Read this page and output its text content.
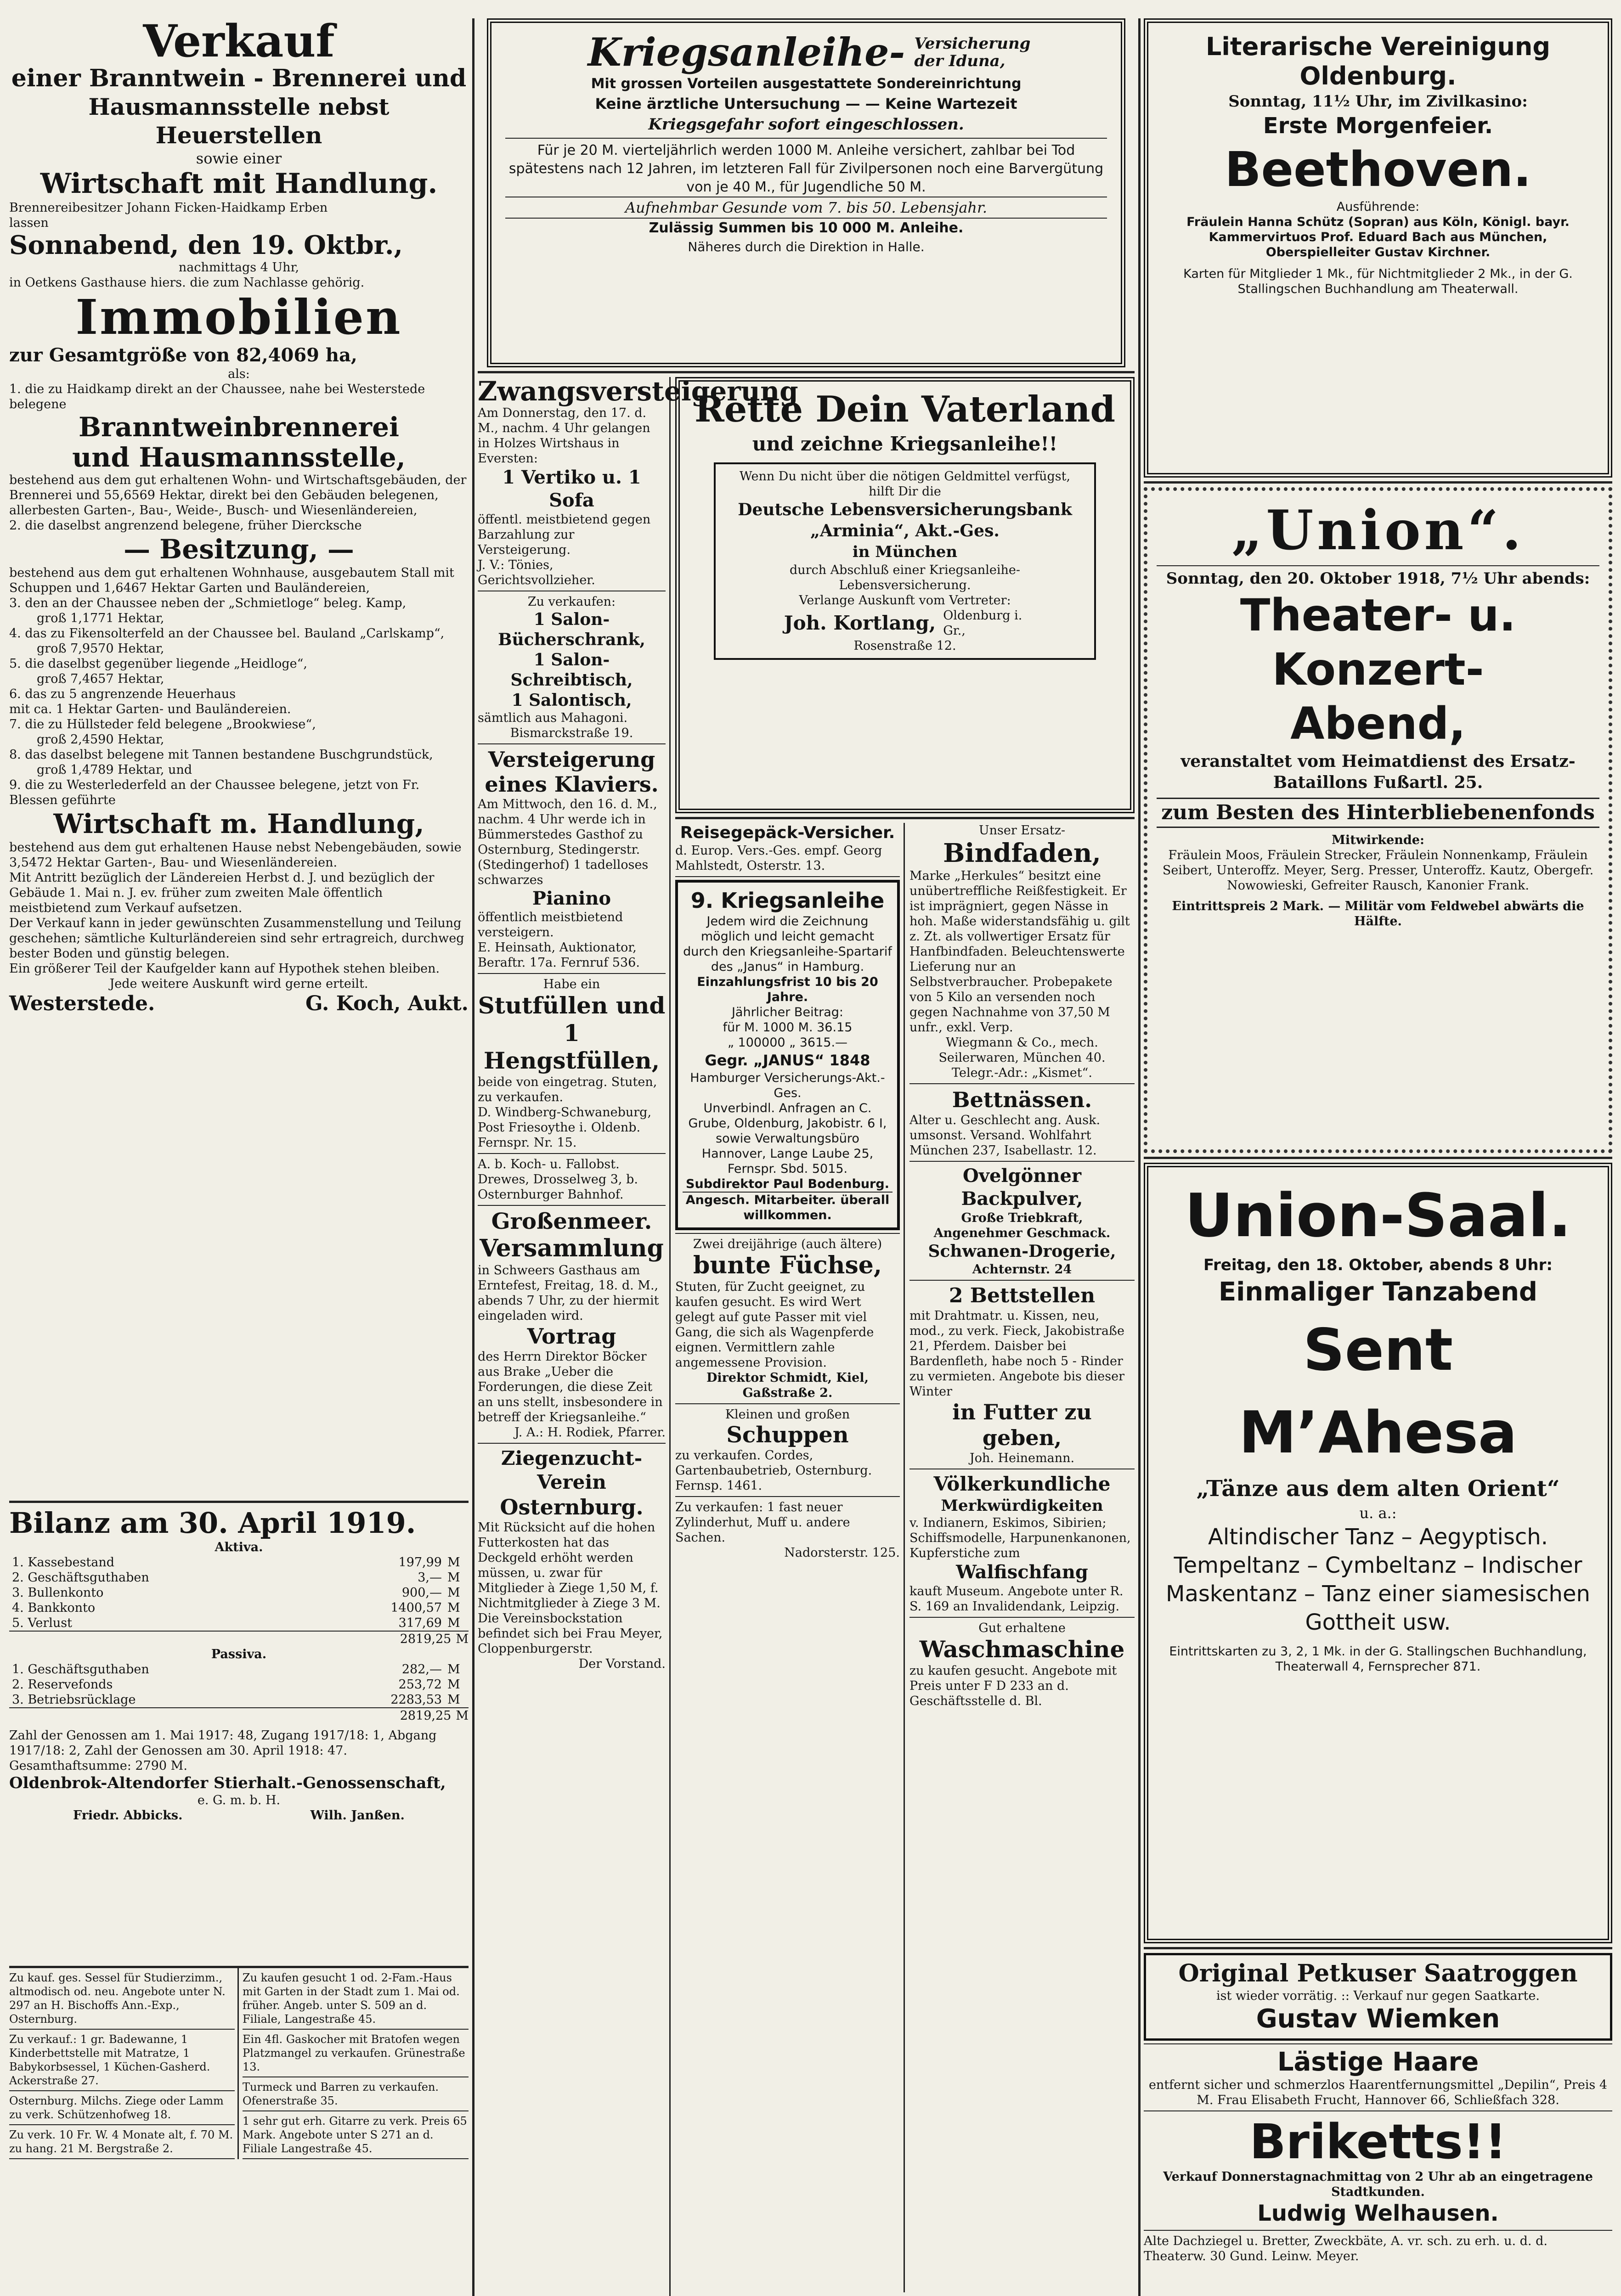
Verkauf
einer Branntwein - Brennerei und
Hausmannsstelle nebst Heuerstellen
sowie einer
Wirtschaft mit Handlung.
Brennereibesitzer Johann Ficken-Haidkamp Erben
lassen
Sonnabend, den 19. Oktbr.,
nachmittags 4 Uhr,
in Oetkens Gasthause hiers. die zum Nachlasse gehörig.
Immobilien
zur Gesamtgröße von 82,4069 ha,
als:
1. die zu Haidkamp direkt an der Chaussee, nahe bei Westerstede belegene
Branntweinbrennerei
und Hausmannsstelle,
bestehend aus dem gut erhaltenen Wohn- und Wirtschaftsgebäuden, der Brennerei und 55,6569 Hektar, direkt bei den Gebäuden belegenen, allerbesten Garten-, Bau-, Weide-, Busch- und Wiesenländereien,
2. die daselbst angrenzend belegene, früher Diercksche
— Besitzung, —
bestehend aus dem gut erhaltenen Wohnhause, ausgebautem Stall mit Schuppen und 1,6467 Hektar Garten und Bauländereien,
3. den an der Chaussee neben der „Schmietloge“ beleg. Kamp,
groß 1,1771 Hektar,
4. das zu Fikensolterfeld an der Chaussee bel. Bauland „Carlskamp“,
groß 7,9570 Hektar,
5. die daselbst gegenüber liegende „Heidloge“,
groß 7,4657 Hektar,
6. das zu 5 angrenzende Heuerhaus
mit ca. 1 Hektar Garten- und Bauländereien.
7. die zu Hüllsteder feld belegene „Brookwiese“,
groß 2,4590 Hektar,
8. das daselbst belegene mit Tannen bestandene Buschgrundstück,
groß 1,4789 Hektar, und
9. die zu Westerlederfeld an der Chaussee belegene, jetzt von Fr. Blessen geführte
Wirtschaft m. Handlung,
bestehend aus dem gut erhaltenen Hause nebst Nebengebäuden, sowie 3,5472 Hektar Garten-, Bau- und Wiesenländereien.
Mit Antritt bezüglich der Ländereien Herbst d. J. und bezüglich der Gebäude 1. Mai n. J. ev. früher zum zweiten Male öffentlich meistbietend zum Verkauf aufsetzen.
Der Verkauf kann in jeder gewünschten Zusammenstellung und Teilung geschehen; sämtliche Kulturländereien sind sehr ertragreich, durchweg bester Boden und günstig belegen.
Ein größerer Teil der Kaufgelder kann auf Hypothek stehen bleiben.
Jede weitere Auskunft wird gerne erteilt.
Westerstede.	G. Koch, Aukt.
Bilanz am 30. April 1919.
Aktiva.
1. Kassebestand	197,99	M
2. Geschäftsguthaben	3,—	M
3. Bullenkonto	900,—	M
4. Bankkonto	1400,57	M
5. Verlust	317,69	M
2819,25 M
Passiva.
1. Geschäftsguthaben	282,—	M
2. Reservefonds	253,72	M
3. Betriebsrücklage	2283,53	M
2819,25 M
Zahl der Genossen am 1. Mai 1917: 48, Zugang 1917/18: 1, Abgang 1917/18: 2, Zahl der Genossen am 30. April 1918: 47.
Gesamthaftsumme: 2790 M.
Oldenbrok-Altendorfer Stierhalt.-Genossenschaft,
e. G. m. b. H.
Friedr. Abbicks.	Wilh. Janßen.
Zu kauf. ges. Sessel für Studierzimm., altmodisch od. neu. Angebote unter N. 297 an H. Bischoffs Ann.-Exp., Osternburg.
Zu verkauf.: 1 gr. Badewanne, 1 Kinderbettstelle mit Matratze, 1 Babykorbsessel, 1 Küchen-Gasherd. Ackerstraße 27.
Osternburg. Milchs. Ziege oder Lamm zu verk. Schützenhofweg 18.
Zu verk. 10 Fr. W. 4 Monate alt, f. 70 M. zu hang. 21 M. Bergstraße 2.
Zu kaufen gesucht 1 od. 2-Fam.-Haus mit Garten in der Stadt zum 1. Mai od. früher. Angeb. unter S. 509 an d. Filiale, Langestraße 45.
Ein 4fl. Gaskocher mit Bratofen wegen Platzmangel zu verkaufen. Grünestraße 13.
Turmeck und Barren zu verkaufen. Ofenerstraße 35.
1 sehr gut erh. Gitarre zu verk. Preis 65 Mark. Angebote unter S 271 an d. Filiale Langestraße 45.
Kriegsanleihe- Versicherung der Iduna,
Mit grossen Vorteilen ausgestattete Sondereinrichtung
Keine ärztliche Untersuchung — — Keine Wartezeit
Kriegsgefahr sofort eingeschlossen.
Für je 20 M. vierteljährlich werden 1000 M. Anleihe versichert, zahlbar bei Tod spätestens nach 12 Jahren, im letzteren Fall für Zivilpersonen noch eine Barvergütung von je 40 M., für Jugendliche 50 M.
Aufnehmbar Gesunde vom 7. bis 50. Lebensjahr.
Zulässig Summen bis 10 000 M. Anleihe.
Näheres durch die Direktion in Halle.
Zwangsversteigerung
Am Donnerstag, den 17. d. M., nachm. 4 Uhr gelangen in Holzes Wirtshaus in Eversten:
1 Vertiko u. 1 Sofa
öffentl. meistbietend gegen Barzahlung zur Versteigerung.
J. V.: Tönies, Gerichtsvollzieher.
Zu verkaufen:
1 Salon-Bücherschrank,
1 Salon-Schreibtisch,
1 Salontisch,
sämtlich aus Mahagoni.
Bismarckstraße 19.
Versteigerung
eines Klaviers.
Am Mittwoch, den 16. d. M., nachm. 4 Uhr werde ich in Bümmerstedes Gasthof zu Osternburg, Stedingerstr. (Stedingerhof) 1 tadelloses schwarzes
Pianino
öffentlich meistbietend versteigern.
E. Heinsath, Auktionator, Beraftr. 17a. Fernruf 536.
Habe ein
Stutfüllen und
1 Hengstfüllen,
beide von eingetrag. Stuten, zu verkaufen.
D. Windberg-Schwaneburg, Post Friesoythe i. Oldenb. Fernspr. Nr. 15.
A. b. Koch- u. Fallobst. Drewes, Drosselweg 3, b. Osternburger Bahnhof.
Großenmeer.
Versammlung
in Schweers Gasthaus am Erntefest, Freitag, 18. d. M., abends 7 Uhr, zu der hiermit eingeladen wird.
Vortrag
des Herrn Direktor Böcker aus Brake „Ueber die Forderungen, die diese Zeit an uns stellt, insbesondere in betreff der Kriegsanleihe.“
J. A.: H. Rodiek, Pfarrer.
Ziegenzucht-Verein
Osternburg.
Mit Rücksicht auf die hohen Futterkosten hat das Deckgeld erhöht werden müssen, u. zwar für Mitglieder à Ziege 1,50 M, f. Nichtmitglieder à Ziege 3 M. Die Vereinsbockstation befindet sich bei Frau Meyer, Cloppenburgerstr.
Der Vorstand.
Rette Dein Vaterland
und zeichne Kriegsanleihe!!
Wenn Du nicht über die nötigen Geldmittel verfügst, hilft Dir die
Deutsche Lebensversicherungsbank „Arminia“, Akt.-Ges.
in München
durch Abschluß einer Kriegsanleihe-Lebensversicherung.
Verlange Auskunft vom Vertreter:
Joh. Kortlang, Oldenburg i. Gr.,
Rosenstraße 12.
Reisegepäck-Versicher.
d. Europ. Vers.-Ges. empf. Georg Mahlstedt, Osterstr. 13.
9. Kriegsanleihe
Jedem wird die Zeichnung möglich und leicht gemacht durch den Kriegsanleihe-Spartarif des „Janus“ in Hamburg.
Einzahlungsfrist 10 bis 20 Jahre.
Jährlicher Beitrag:
für M. 1000 M. 36.15
„ 100000 „ 3615.—
Gegr. „JANUS“ 1848
Hamburger Versicherungs-Akt.-Ges.
Unverbindl. Anfragen an C. Grube, Oldenburg, Jakobistr. 6 I, sowie Verwaltungsbüro Hannover, Lange Laube 25, Fernspr. Sbd. 5015.
Subdirektor Paul Bodenburg.
Angesch. Mitarbeiter. überall willkommen.
Zwei dreijährige (auch ältere)
bunte Füchse,
Stuten, für Zucht geeignet, zu kaufen gesucht. Es wird Wert gelegt auf gute Passer mit viel Gang, die sich als Wagenpferde eignen. Vermittlern zahle angemessene Provision.
Direktor Schmidt, Kiel, Gaßstraße 2.
Kleinen und großen
Schuppen
zu verkaufen. Cordes, Gartenbaubetrieb, Osternburg. Fernsp. 1461.
Zu verkaufen: 1 fast neuer Zylinderhut, Muff u. andere Sachen.
Nadorsterstr. 125.
Unser Ersatz-
Bindfaden,
Marke „Herkules“ besitzt eine unübertreffliche Reißfestigkeit. Er ist imprägniert, gegen Nässe in hoh. Maße widerstandsfähig u. gilt z. Zt. als vollwertiger Ersatz für Hanfbindfaden. Beleuchtenswerte Lieferung nur an Selbstverbraucher. Probepakete von 5 Kilo an versenden noch gegen Nachnahme von 37,50 M unfr., exkl. Verp.
Wiegmann & Co., mech. Seilerwaren, München 40.
Telegr.-Adr.: „Kismet“.
Bettnässen.
Alter u. Geschlecht ang. Ausk. umsonst. Versand. Wohlfahrt München 237, Isabellastr. 12.
Ovelgönner Backpulver,
Große Triebkraft,
Angenehmer Geschmack.
Schwanen-Drogerie,
Achternstr. 24
2 Bettstellen
mit Drahtmatr. u. Kissen, neu, mod., zu verk. Fieck, Jakobistraße 21, Pferdem. Daisber bei Bardenfleth, habe noch 5 - Rinder zu vermieten. Angebote bis dieser Winter
in Futter zu geben,
Joh. Heinemann.
Völkerkundliche
Merkwürdigkeiten
v. Indianern, Eskimos, Sibirien; Schiffsmodelle, Harpunenkanonen, Kupferstiche zum
Walfischfang
kauft Museum. Angebote unter R. S. 169 an Invalidendank, Leipzig.
Gut erhaltene
Waschmaschine
zu kaufen gesucht. Angebote mit Preis unter F D 233 an d. Geschäftsstelle d. Bl.
Literarische Vereinigung
Oldenburg.
Sonntag, 11½ Uhr, im Zivilkasino:
Erste Morgenfeier.
Beethoven.
Ausführende:
Fräulein Hanna Schütz (Sopran) aus Köln, Königl. bayr. Kammervirtuos Prof. Eduard Bach aus München, Oberspielleiter Gustav Kirchner.
Karten für Mitglieder 1 Mk., für Nichtmitglieder 2 Mk., in der G. Stallingschen Buchhandlung am Theaterwall.
„Union“.
Sonntag, den 20. Oktober 1918, 7½ Uhr abends:
Theater- u. Konzert-
Abend,
veranstaltet vom Heimatdienst des Ersatz-Bataillons Fußartl. 25.
zum Besten des Hinterbliebenenfonds
Mitwirkende:
Fräulein Moos, Fräulein Strecker, Fräulein Nonnenkamp, Fräulein Seibert, Unteroffz. Meyer, Serg. Presser, Unteroffz. Kautz, Obergefr. Nowowieski, Gefreiter Rausch, Kanonier Frank.
Eintrittspreis 2 Mark. — Militär vom Feldwebel abwärts die Hälfte.
Union-Saal.
Freitag, den 18. Oktober, abends 8 Uhr:
Einmaliger Tanzabend
Sent M’Ahesa
„Tänze aus dem alten Orient“
u. a.:
Altindischer Tanz – Aegyptisch. Tempeltanz – Cymbeltanz – Indischer Maskentanz – Tanz einer siamesischen Gottheit usw.
Eintrittskarten zu 3, 2, 1 Mk. in der G. Stallingschen Buchhandlung, Theaterwall 4, Fernsprecher 871.
Original Petkuser Saatroggen
ist wieder vorrätig. :: Verkauf nur gegen Saatkarte.
Gustav Wiemken
Lästige Haare
entfernt sicher und schmerzlos Haarentfernungsmittel „Depilin“, Preis 4 M. Frau Elisabeth Frucht, Hannover 66, Schließfach 328.
Briketts!!
Verkauf Donnerstagnachmittag von 2 Uhr ab an eingetragene Stadtkunden.
Ludwig Welhausen.
Alte Dachziegel u. Bretter, Zweckbäte, A. vr. sch. zu erh. u. d. d. Theaterw. 30 Gund. Leinw. Meyer.
